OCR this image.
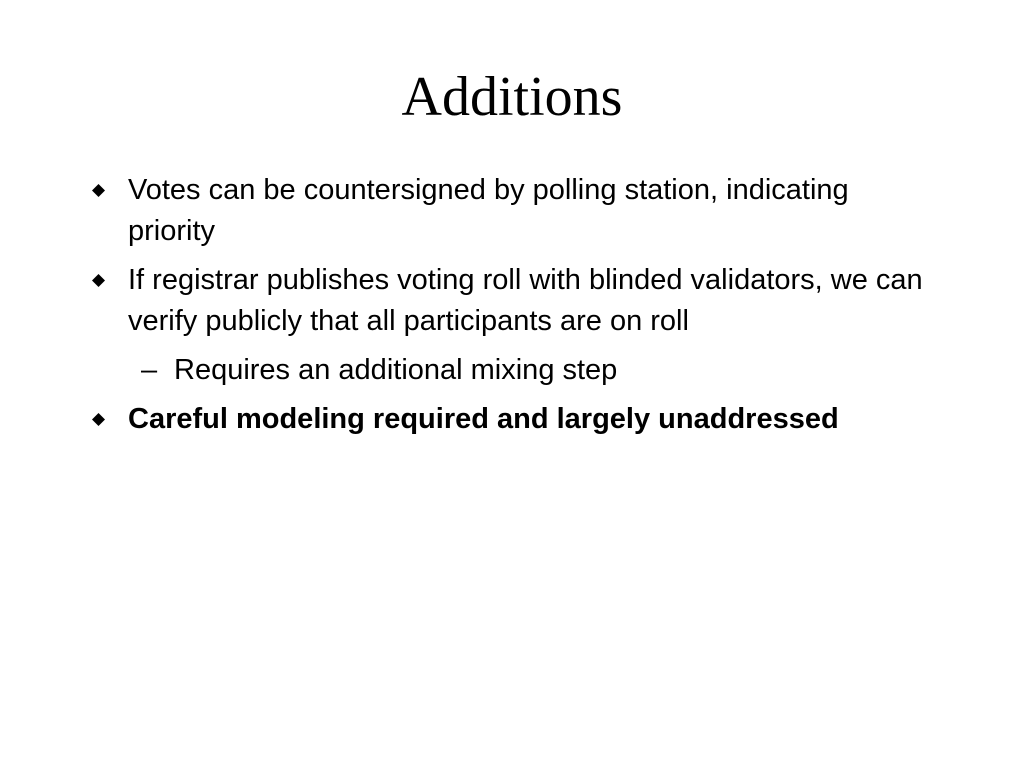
Additions
Votes can be countersigned by polling station, indicating priority
If registrar publishes voting roll with blinded validators, we can verify publicly that all participants are on roll
– Requires an additional mixing step
Careful modeling required and largely unaddressed
